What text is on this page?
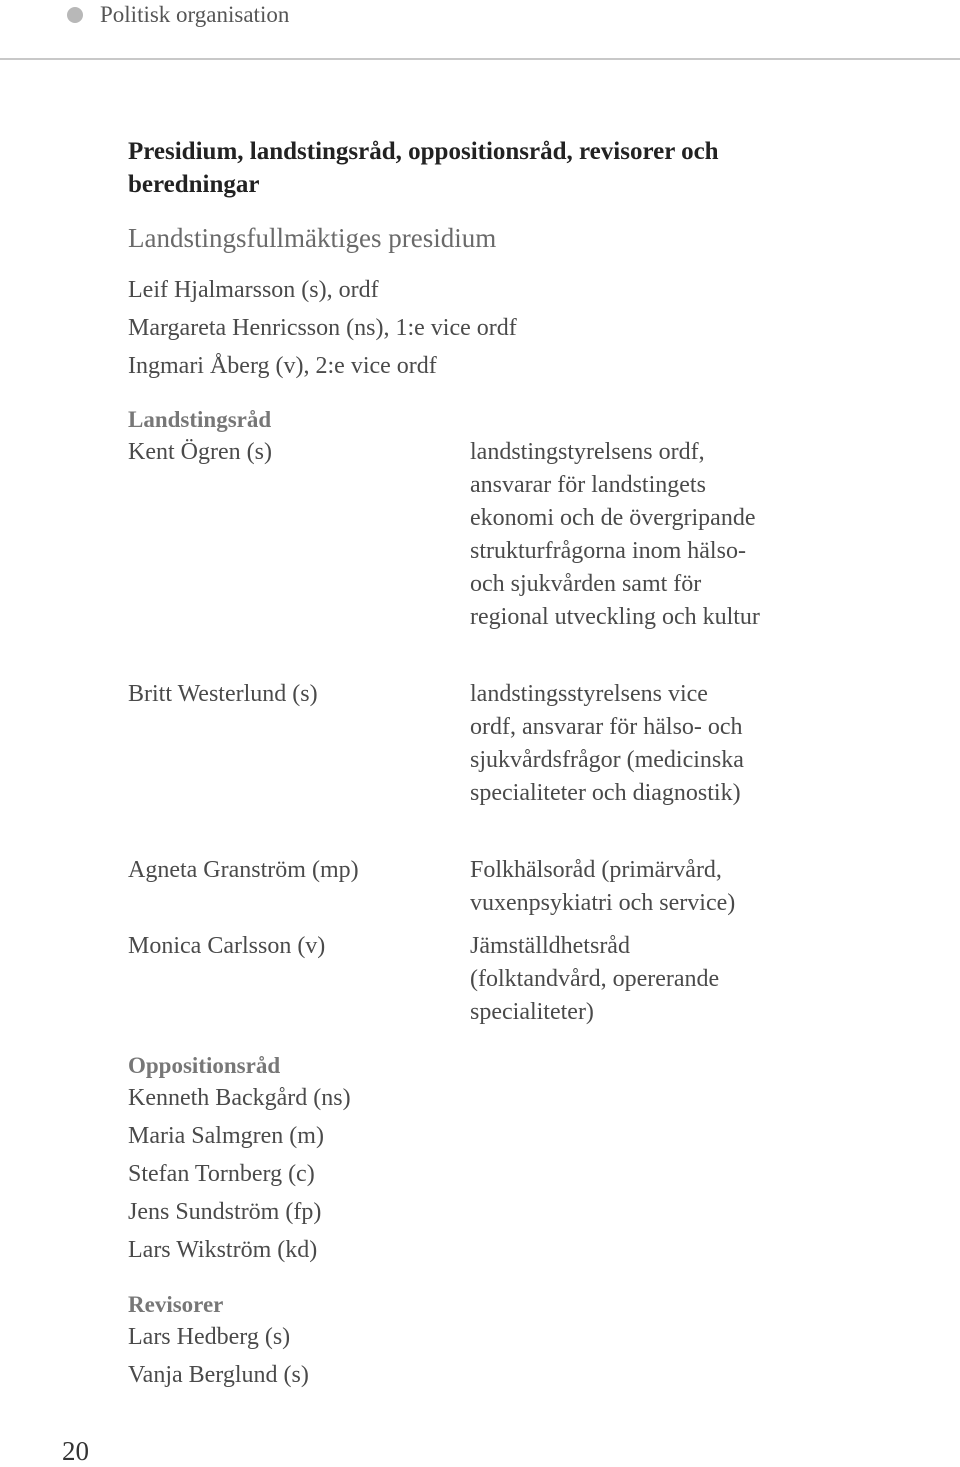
Politisk organisation
Presidium, landstingsråd, oppositionsråd, revisorer och
beredningar
Landstingsfullmäktiges presidium
Leif Hjalmarsson (s), ordf
Margareta Henricsson (ns), 1:e vice ordf
Ingmari Åberg (v), 2:e vice ordf
Landstingsråd
Kent Ögren (s)	landstingstyrelsens ordf,
ansvarar för landstingets
ekonomi och de övergripande
strukturfrågorna inom hälso-
och sjukvården samt för
regional utveckling och kultur
Britt Westerlund (s)	landstingsstyrelsens vice
ordf, ansvarar för hälso- och
sjukvårdsfrågor (medicinska
specialiteter och diagnostik)
Agneta Granström (mp)	Folkhälsoråd (primärvård,
vuxenpsykiatri och service)
Monica Carlsson (v)	Jämställdhetsråd
(folktandvård, opererande
specialiteter)
Oppositionsråd
Kenneth Backgård (ns)
Maria Salmgren (m)
Stefan Tornberg (c)
Jens Sundström (fp)
Lars Wikström (kd)
Revisorer
Lars Hedberg (s)
Vanja Berglund (s)
20
